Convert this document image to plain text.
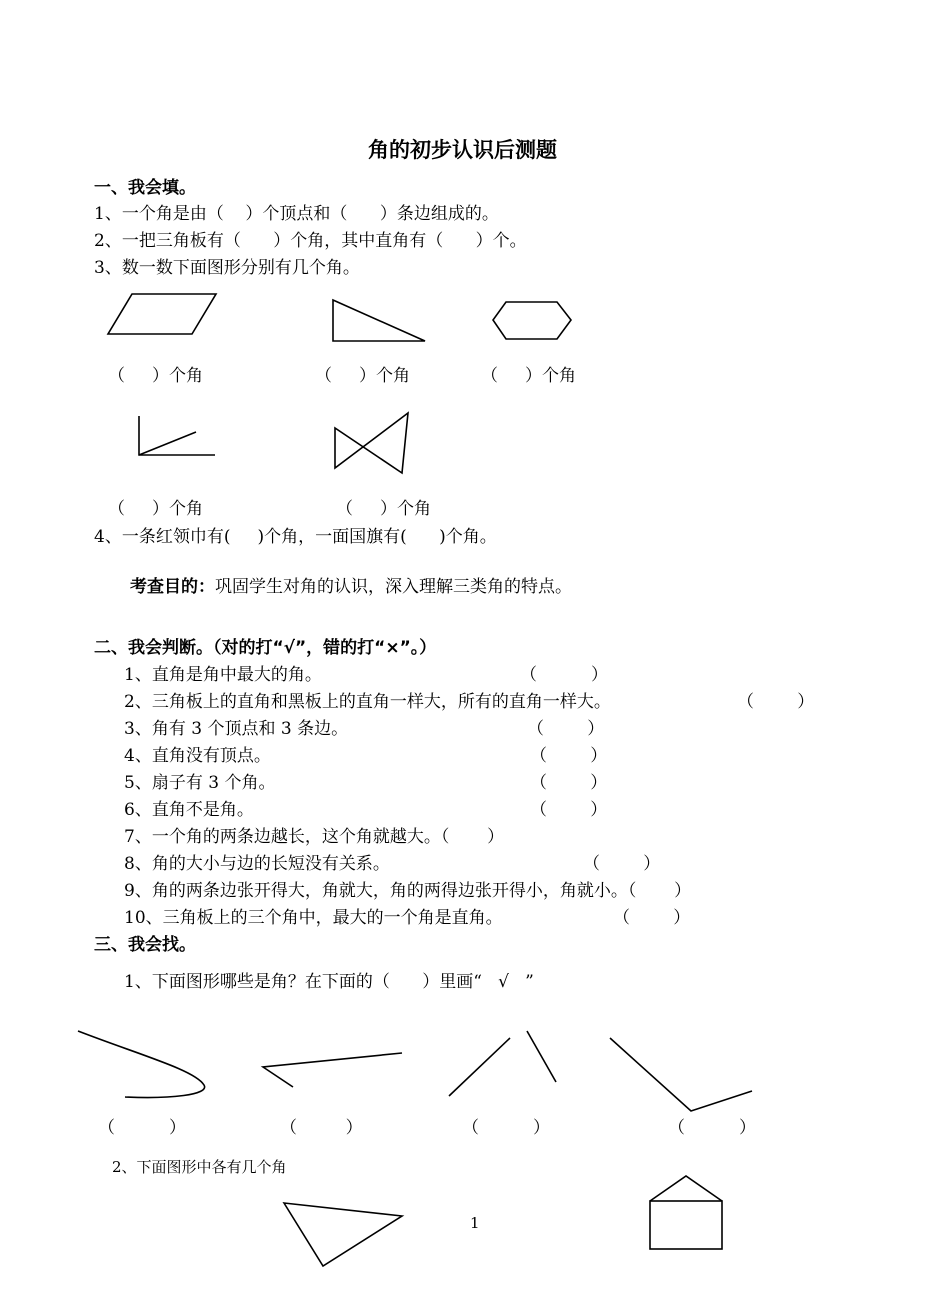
角的初步认识后测题
一、我会填。
1、一个角是由（    ）个顶点和（      ）条边组成的。
2、一把三角板有（      ）个角，其中直角有（      ）个。
3、数一数下面图形分别有几个角。
（     ）个角	（     ）个角	（     ）个角
（     ）个角	（     ）个角
4、一条红领巾有(     )个角，一面国旗有(      )个角。
考查目的：巩固学生对角的认识，深入理解三类角的特点。
二、我会判断。（对的打“√”，错的打“×”。）
1、直角是角中最大的角。	（          ）
2、三角板上的直角和黑板上的直角一样大，所有的直角一样大。	（        ）
3、角有 3 个顶点和 3 条边。	（        ）
4、直角没有顶点。	（        ）
5、扇子有 3 个角。	（        ）
6、直角不是角。	（        ）
7、一个角的两条边越长，这个角就越大。（       ）
8、角的大小与边的长短没有关系。	（        ）
9、角的两条边张开得大，角就大，角的两得边张开得小，角就小。（       ）
10、三角板上的三个角中，最大的一个角是直角。	（        ）
三、我会找。
1、下面图形哪些是角？在下面的（      ）里画“   √   ”
（          ）	（         ）	（          ）	（          ）
2、下面图形中各有几个角
1
